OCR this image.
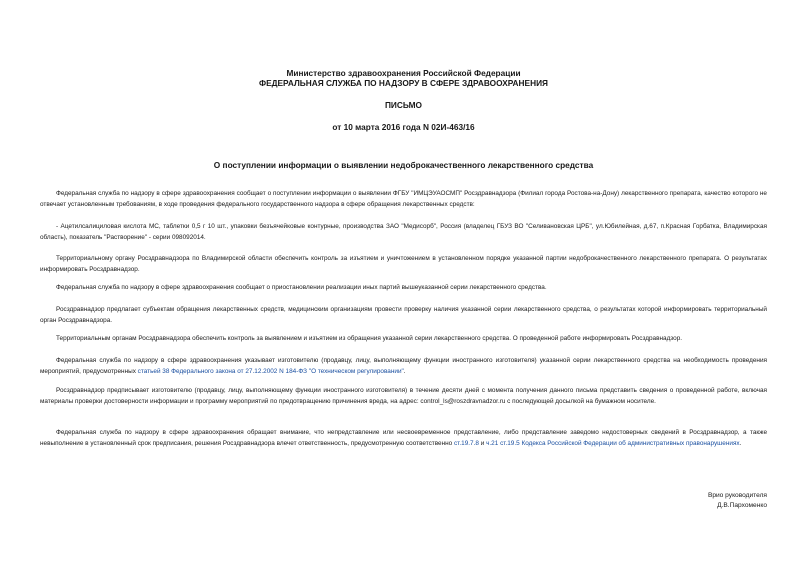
Министерство здравоохранения Российской Федерации
ФЕДЕРАЛЬНАЯ СЛУЖБА ПО НАДЗОРУ В СФЕРЕ ЗДРАВООХРАНЕНИЯ
ПИСЬМО
от 10 марта 2016 года N 02И-463/16
О поступлении информации о выявлении недоброкачественного лекарственного средства
Федеральная служба по надзору в сфере здравоохранения сообщает о поступлении информации о выявлении ФГБУ "ИМЦЭУАОСМП" Росздравнадзора (Филиал города Ростова-на-Дону) лекарственного препарата, качество которого не отвечает установленным требованиям, в ходе проведения федерального государственного надзора в сфере обращения лекарственных средств:
- Ацетилсалициловая кислота МС, таблетки 0,5 г 10 шт., упаковки безъячейковые контурные, производства ЗАО "Медисорб", Россия (владелец ГБУЗ ВО "Селивановская ЦРБ", ул.Юбилейная, д.67, п.Красная Горбатка, Владимирская область), показатель "Растворение" - серии 098092014.
Территориальному органу Росздравнадзора по Владимирской области обеспечить контроль за изъятием и уничтожением в установленном порядке указанной партии недоброкачественного лекарственного препарата. О результатах информировать Росздравнадзор.
Федеральная служба по надзору в сфере здравоохранения сообщает о приостановлении реализации иных партий вышеуказанной серии лекарственного средства.
Росздравнадзор предлагает субъектам обращения лекарственных средств, медицинским организациям провести проверку наличия указанной серии лекарственного средства, о результатах которой информировать территориальный орган Росздравнадзора.
Территориальным органам Росздравнадзора обеспечить контроль за выявлением и изъятием из обращения указанной серии лекарственного средства. О проведенной работе информировать Росздравнадзор.
Федеральная служба по надзору в сфере здравоохранения указывает изготовителю (продавцу, лицу, выполняющему функции иностранного изготовителя) указанной серии лекарственного средства на необходимость проведения мероприятий, предусмотренных статьей 38 Федерального закона от 27.12.2002 N 184-ФЗ "О техническом регулировании".
Росздравнадзор предписывает изготовителю (продавцу, лицу, выполняющему функции иностранного изготовителя) в течение десяти дней с момента получения данного письма представить сведения о проведенной работе, включая материалы проверки достоверности информации и программу мероприятий по предотвращению причинения вреда, на адрес: control_ls@roszdravnadzor.ru с последующей досылкой на бумажном носителе.
Федеральная служба по надзору в сфере здравоохранения обращает внимание, что непредставление или несвоевременное представление, либо представление заведомо недостоверных сведений в Росздравнадзор, а также невыполнение в установленный срок предписания, решения Росздравнадзора влечет ответственность, предусмотренную соответственно ст.19.7.8 и ч.21 ст.19.5 Кодекса Российской Федерации об административных правонарушениях.
Врио руководителя
Д.В.Пархоменко
